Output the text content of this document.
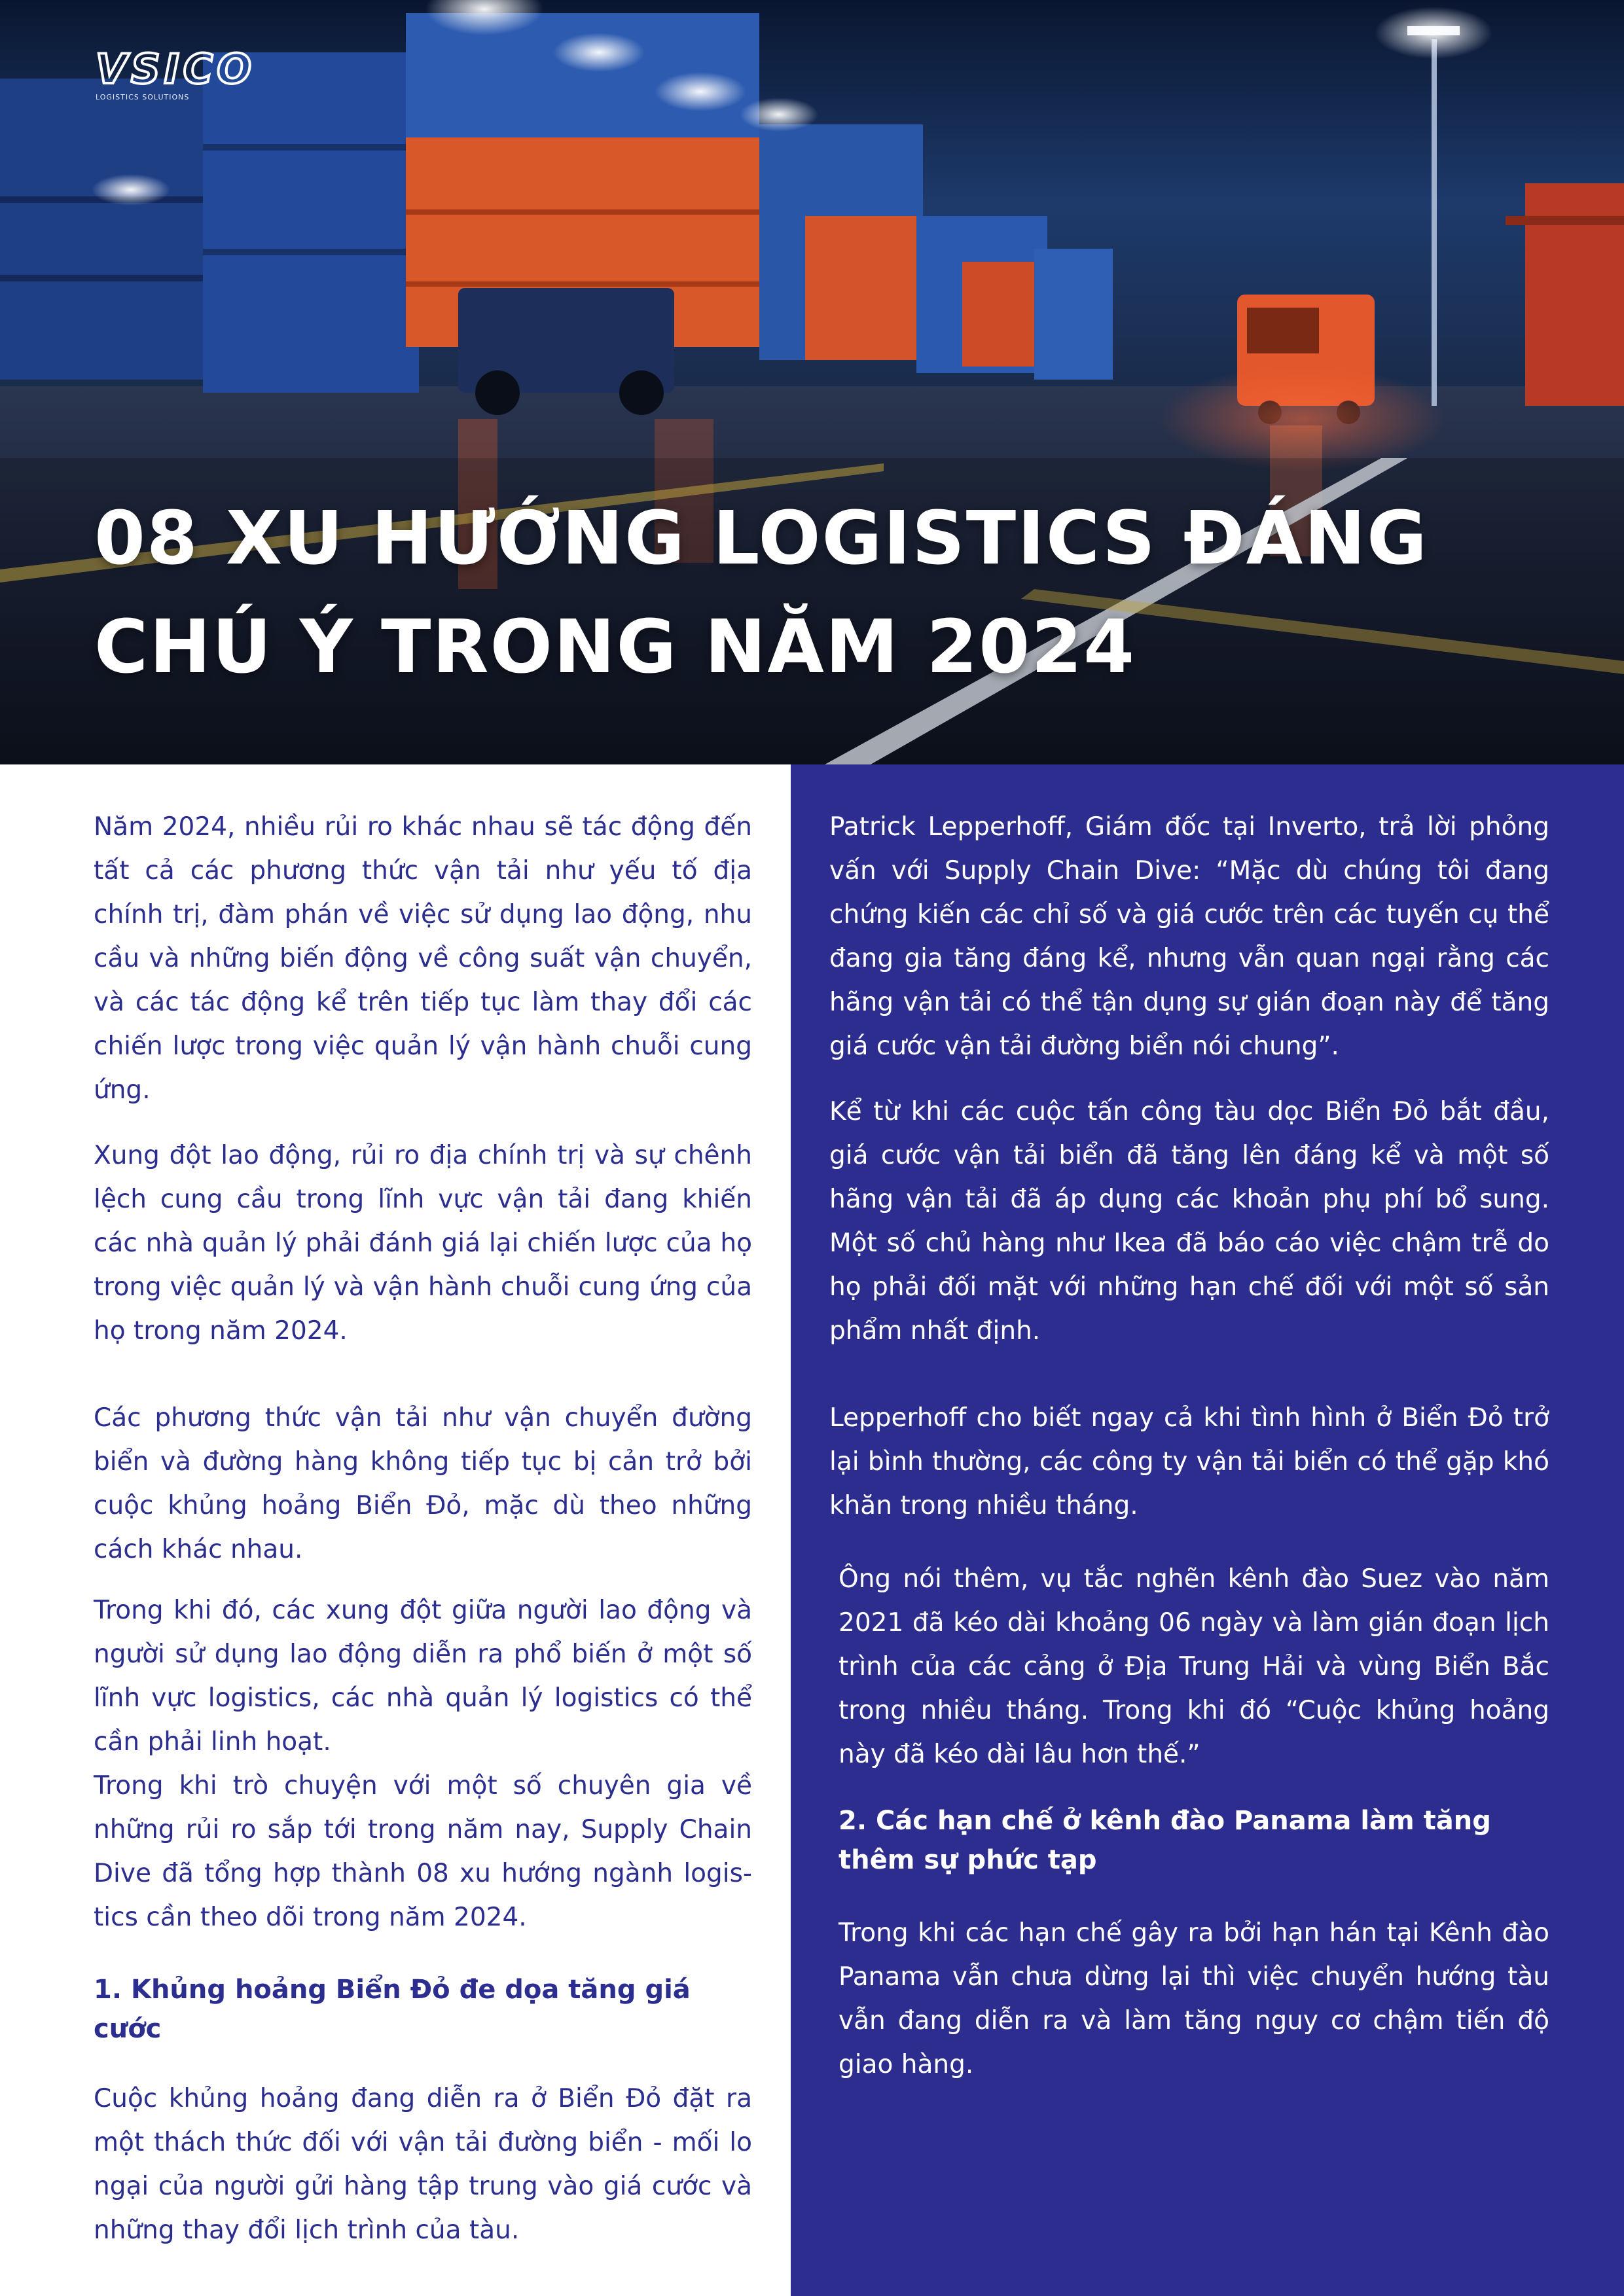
VSICO
LOGISTICS SOLUTIONS
08 XU HƯỚNG LOGISTICS ĐÁNG
CHÚ Ý TRONG NĂM 2024

Năm 2024, nhiều rủi ro khác nhau sẽ tác động đến tất cả các phương thức vận tải như yếu tố địa chính trị, đàm phán về việc sử dụng lao động, nhu cầu và những biến động về công suất vận chuyển, và các tác động kể trên tiếp tục làm thay đổi các chiến lược trong việc quản lý vận hành chuỗi cung ứng.

Xung đột lao động, rủi ro địa chính trị và sự chênh lệch cung cầu trong lĩnh vực vận tải đang khiến các nhà quản lý phải đánh giá lại chiến lược của họ trong việc quản lý và vận hành chuỗi cung ứng của họ trong năm 2024.

Các phương thức vận tải như vận chuyển đường biển và đường hàng không tiếp tục bị cản trở bởi cuộc khủng hoảng Biển Đỏ, mặc dù theo những cách khác nhau.

Trong khi đó, các xung đột giữa người lao động và người sử dụng lao động diễn ra phổ biến ở một số lĩnh vực logistics, các nhà quản lý logistics có thể cần phải linh hoạt.

Trong khi trò chuyện với một số chuyên gia về những rủi ro sắp tới trong năm nay, Supply Chain Dive đã tổng hợp thành 08 xu hướng ngành logis-tics cần theo dõi trong năm 2024.

1. Khủng hoảng Biển Đỏ đe dọa tăng giá cước

Cuộc khủng hoảng đang diễn ra ở Biển Đỏ đặt ra một thách thức đối với vận tải đường biển - mối lo ngại của người gửi hàng tập trung vào giá cước và những thay đổi lịch trình của tàu.

Patrick Lepperhoff, Giám đốc tại Inverto, trả lời phỏng vấn với Supply Chain Dive: “Mặc dù chúng tôi đang chứng kiến các chỉ số và giá cước trên các tuyến cụ thể đang gia tăng đáng kể, nhưng vẫn quan ngại rằng các hãng vận tải có thể tận dụng sự gián đoạn này để tăng giá cước vận tải đường biển nói chung”.

Kể từ khi các cuộc tấn công tàu dọc Biển Đỏ bắt đầu, giá cước vận tải biển đã tăng lên đáng kể và một số hãng vận tải đã áp dụng các khoản phụ phí bổ sung. Một số chủ hàng như Ikea đã báo cáo việc chậm trễ do họ phải đối mặt với những hạn chế đối với một số sản phẩm nhất định.

Lepperhoff cho biết ngay cả khi tình hình ở Biển Đỏ trở lại bình thường, các công ty vận tải biển có thể gặp khó khăn trong nhiều tháng.

Ông nói thêm, vụ tắc nghẽn kênh đào Suez vào năm 2021 đã kéo dài khoảng 06 ngày và làm gián đoạn lịch trình của các cảng ở Địa Trung Hải và vùng Biển Bắc trong nhiều tháng. Trong khi đó “Cuộc khủng hoảng này đã kéo dài lâu hơn thế.”

2. Các hạn chế ở kênh đào Panama làm tăng thêm sự phức tạp

Trong khi các hạn chế gây ra bởi hạn hán tại Kênh đào Panama vẫn chưa dừng lại thì việc chuyển hướng tàu vẫn đang diễn ra và làm tăng nguy cơ chậm tiến độ giao hàng.
